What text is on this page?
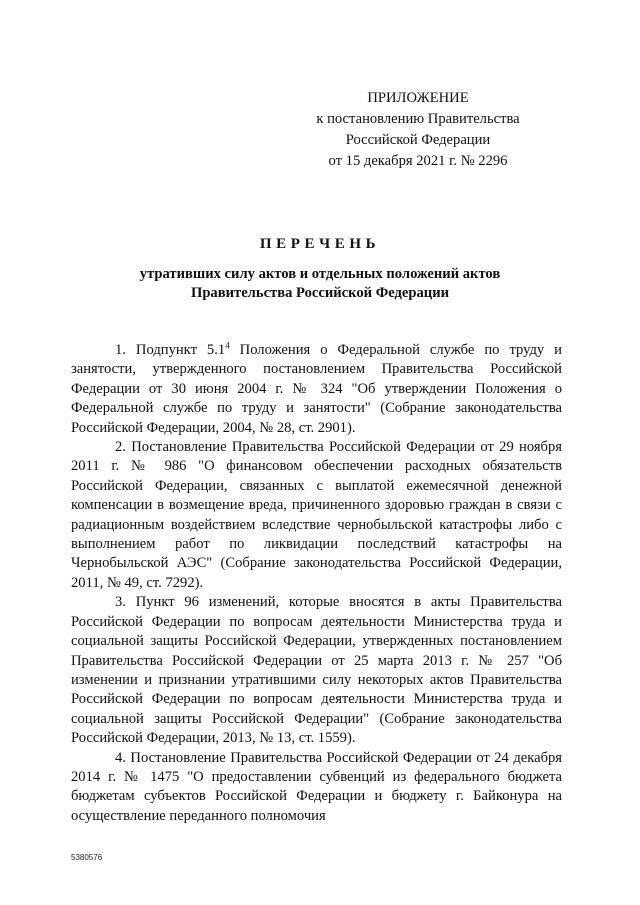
ПРИЛОЖЕНИЕ
к постановлению Правительства
Российской Федерации
от 15 декабря 2021 г. № 2296
ПЕРЕЧЕНЬ
утративших силу актов и отдельных положений актов
Правительства Российской Федерации

1. Подпункт $5.1^4$ Положения о Федеральной службе по труду и занятости, утвержденного постановлением Правительства Российской Федерации от 30 июня 2004 г. № 324 "Об утверждении Положения о Федеральной службе по труду и занятости" (Собрание законодательства Российской Федерации, 2004, № 28, ст. 2901).

2. Постановление Правительства Российской Федерации от 29 ноября 2011 г. № 986 "О финансовом обеспечении расходных обязательств Российской Федерации, связанных с выплатой ежемесячной денежной компенсации в возмещение вреда, причиненного здоровью граждан в связи с радиационным воздействием вследствие чернобыльской катастрофы либо с выполнением работ по ликвидации последствий катастрофы на Чернобыльской АЭС" (Собрание законодательства Российской Федерации, 2011, № 49, ст. 7292).

3. Пункт 96 изменений, которые вносятся в акты Правительства Российской Федерации по вопросам деятельности Министерства труда и социальной защиты Российской Федерации, утвержденных постановлением Правительства Российской Федерации от 25 марта 2013 г. № 257 "Об изменении и признании утратившими силу некоторых актов Правительства Российской Федерации по вопросам деятельности Министерства труда и социальной защиты Российской Федерации" (Собрание законодательства Российской Федерации, 2013, № 13, ст. 1559).

4. Постановление Правительства Российской Федерации от 24 декабря 2014 г. № 1475 "О предоставлении субвенций из федерального бюджета бюджетам субъектов Российской Федерации и бюджету г. Байконура на осуществление переданного полномочия

5380576
